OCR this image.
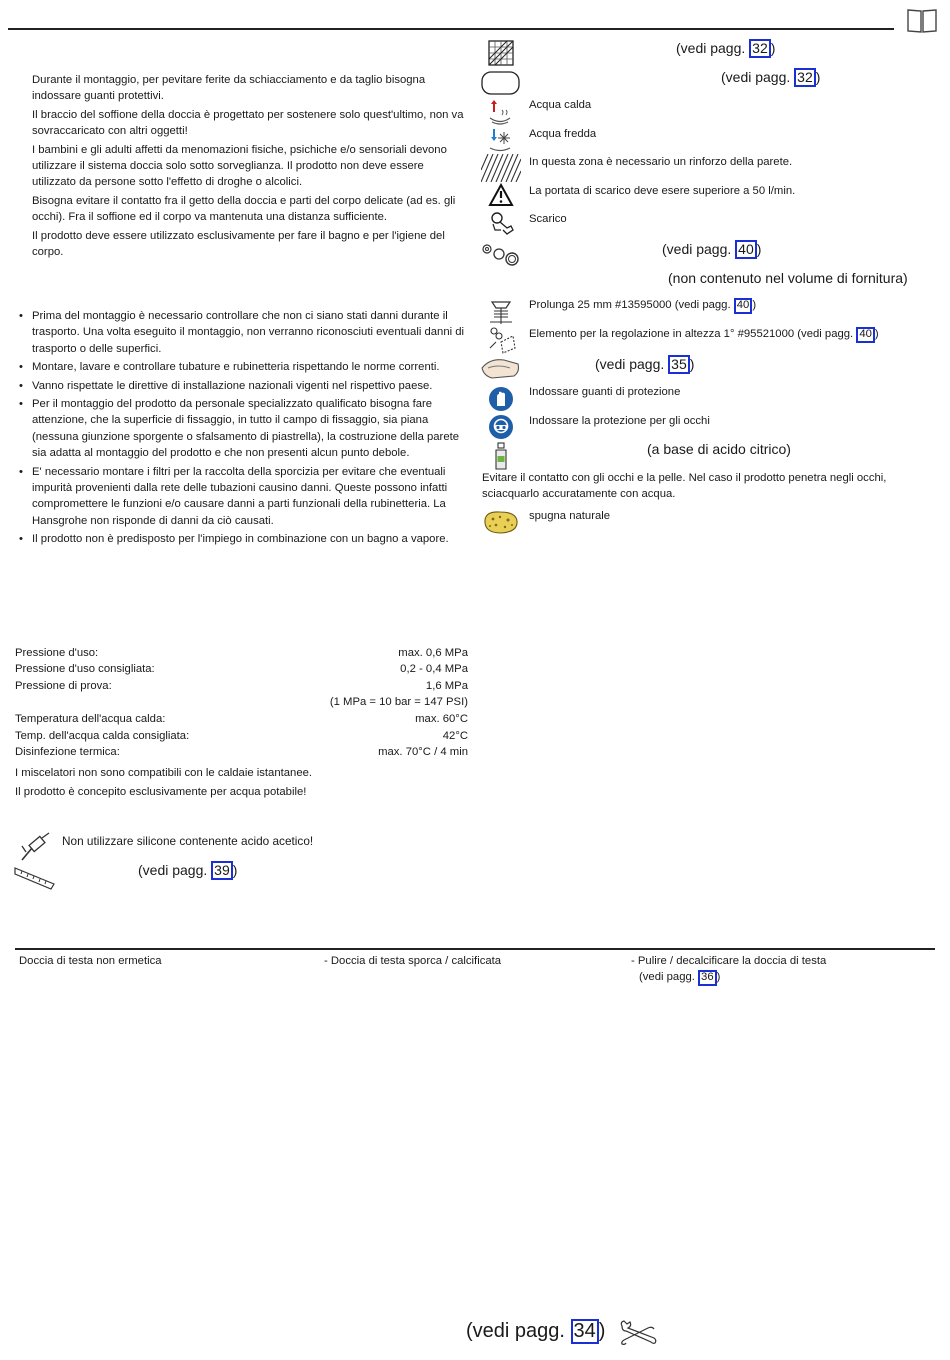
Durante il montaggio, per pevitare ferite da schiacciamento e da taglio bisogna indossare guanti protettivi.
Il braccio del soffione della doccia è progettato per sostenere solo quest'ultimo, non va sovraccaricato con altri oggetti!
I bambini e gli adulti affetti da menomazioni fisiche, psichiche e/o sensoriali devono utilizzare il sistema doccia solo sotto sorveglianza. Il prodotto non deve essere utilizzato da persone sotto l'effetto di droghe o alcolici.
Bisogna evitare il contatto fra il getto della doccia e parti del corpo delicate (ad es. gli occhi). Fra il soffione ed il corpo va mantenuta una distanza sufficiente.
Il prodotto deve essere utilizzato esclusivamente per fare il bagno e per l'igiene del corpo.
• Prima del montaggio è necessario controllare che non ci siano stati danni durante il trasporto. Una volta eseguito il montaggio, non verranno riconosciuti eventuali danni di trasporto o delle superfici.
• Montare, lavare e controllare tubature e rubinetteria rispettando le norme correnti.
• Vanno rispettate le direttive di installazione nazionali vigenti nel rispettivo paese.
• Per il montaggio del prodotto da personale specializzato qualificato bisogna fare attenzione, che la superficie di fissaggio, in tutto il campo di fissaggio, sia piana (nessuna giunzione sporgente o sfalsamento di piastrella), la costruzione della parete sia adatta al montaggio del prodotto e che non presenti alcun punto debole.
• E' necessario montare i filtri per la raccolta della sporcizia per evitare che eventuali impurità provenienti dalla rete delle tubazioni causino danni. Queste possono infatti compromettere le funzioni e/o causare danni a parti funzionali della rubinetteria. La Hansgrohe non risponde di danni da ciò causati.
• Il prodotto non è predisposto per l'impiego in combinazione con un bagno a vapore.
Pressione d'uso:	max. 0,6 MPa
Pressione d'uso consigliata:	0,2 - 0,4 MPa
Pressione di prova:	1,6 MPa
(1 MPa = 10 bar = 147 PSI)
Temperatura dell'acqua calda:	max. 60°C
Temp. dell'acqua calda consigliata:	42°C
Disinfezione termica:	max. 70°C / 4 min
I miscelatori non sono compatibili con le caldaie istantanee.
Il prodotto è concepito esclusivamente per acqua potabile!
Non utilizzare silicone contenente acido acetico!
(vedi pagg. 39 )
(vedi pagg. 32 )
(vedi pagg. 32 )
Acqua calda
Acqua fredda
In questa zona è necessario un rinforzo della parete.
La portata di scarico deve esere superiore a 50 l/min.
Scarico
(vedi pagg. 40 )
(non contenuto nel volume di fornitura)
Prolunga 25 mm #13595000 (vedi pagg. 40 )
Elemento per la regolazione in altezza 1° #95521000 (vedi pagg. 40 )
(vedi pagg. 35 )
Indossare guanti di protezione
Indossare la protezione per gli occhi
(a base di acido citrico)
Evitare il contatto con gli occhi e la pelle. Nel caso il prodotto penetra negli occhi, sciacquarlo accuratamente con acqua.
spugna naturale
Doccia di testa non ermetica	- Doccia di testa sporca / calcificata	- Pulire / decalcificare la doccia di testa
(vedi pagg. 36 )
(vedi pagg. 34 )
